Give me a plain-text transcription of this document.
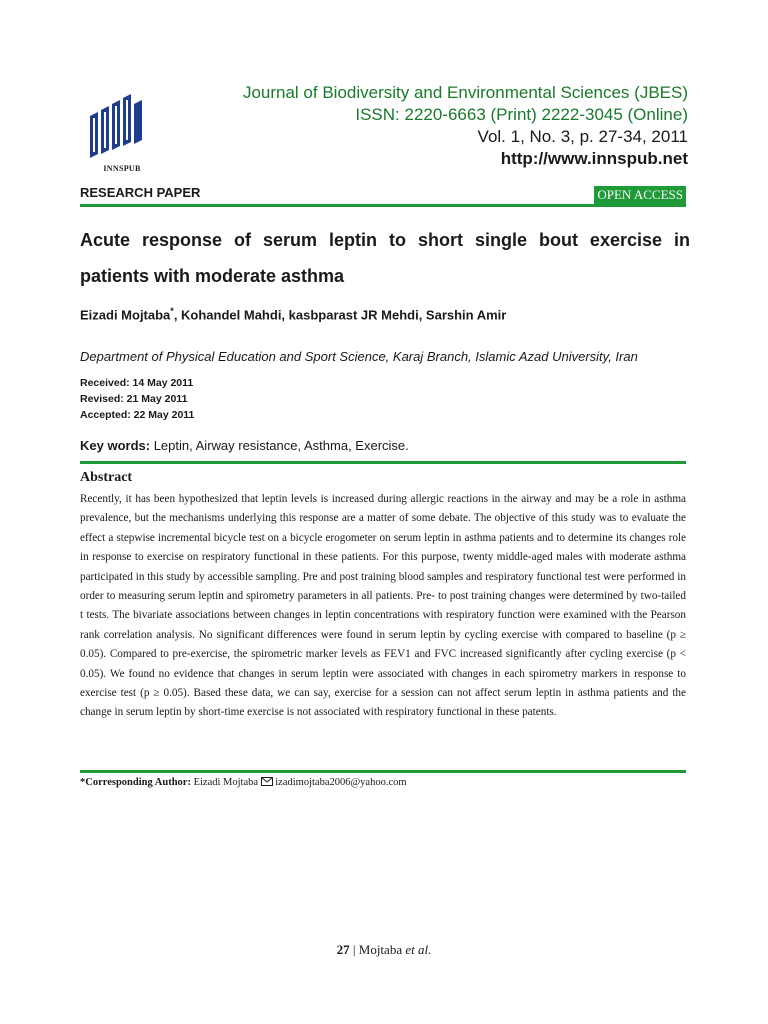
INNSPUB
Journal of Biodiversity and Environmental Sciences (JBES)
ISSN: 2220-6663 (Print) 2222-3045 (Online)
Vol. 1, No. 3, p. 27-34, 2011
http://www.innspub.net
RESEARCH PAPER	OPEN ACCESS
Acute response of serum leptin to short single bout exercise in patients with moderate asthma
Eizadi Mojtaba*, Kohandel Mahdi, kasbparast JR Mehdi, Sarshin Amir
Department of Physical Education and Sport Science, Karaj Branch, Islamic Azad University, Iran
Received: 14 May 2011
Revised: 21 May 2011
Accepted: 22 May 2011
Key words: Leptin, Airway resistance, Asthma, Exercise.
Abstract
Recently, it has been hypothesized that leptin levels is increased during allergic reactions in the airway and may be a role in asthma prevalence, but the mechanisms underlying this response are a matter of some debate. The objective of this study was to evaluate the effect a stepwise incremental bicycle test on a bicycle erogometer on serum leptin in asthma patients and to determine its changes role in response to exercise on respiratory functional in these patients. For this purpose, twenty middle-aged males with moderate asthma participated in this study by accessible sampling. Pre and post training blood samples and respiratory functional test were performed in order to measuring serum leptin and spirometry parameters in all patients. Pre- to post training changes were determined by two-tailed t tests. The bivariate associations between changes in leptin concentrations with respiratory function were examined with the Pearson rank correlation analysis. No significant differences were found in serum leptin by cycling exercise with compared to baseline (p ≥ 0.05). Compared to pre-exercise, the spirometric marker levels as FEV1 and FVC increased significantly after cycling exercise (p < 0.05). We found no evidence that changes in serum leptin were associated with changes in each spirometry markers in response to exercise test (p ≥ 0.05). Based these data, we can say, exercise for a session can not affect serum leptin in asthma patients and the change in serum leptin by short-time exercise is not associated with respiratory functional in these patents.
*Corresponding Author: Eizadi Mojtaba izadimojtaba2006@yahoo.com
27 | Mojtaba et al.
